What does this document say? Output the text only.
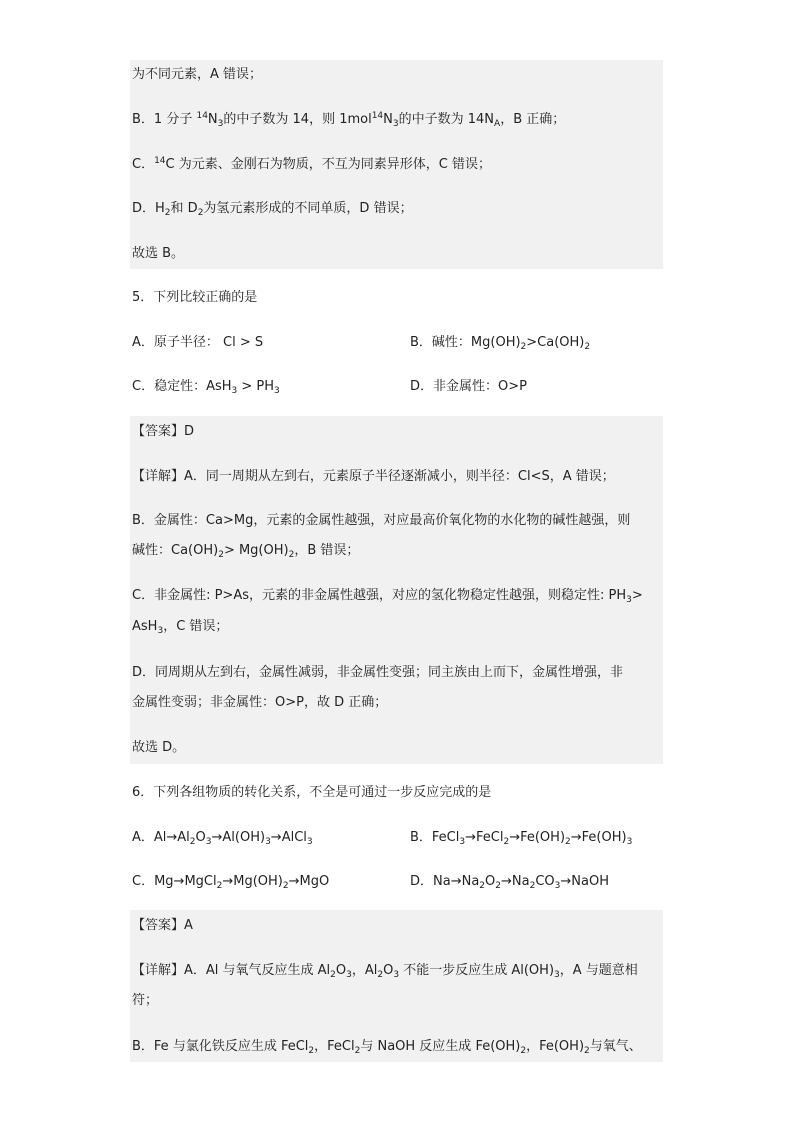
为不同元素，A 错误；
B．1 分子 $^{14}N_3$的中子数为 14，则 $1mol^{14}N_3$的中子数为 $14N_A$，B 正确；
C．$^{14}$C 为元素、金刚石为物质，不互为同素异形体，C 错误；
D．$H_2$和 $D_2$为氢元素形成的不同单质，D 错误；
故选 B。
5．下列比较正确的是
A．原子半径： Cl > S	B．碱性：$Mg(OH)_2>Ca(OH)_2$
C．稳定性：$AsH_3 > PH_3$	D．非金属性：O>P
【答案】D
【详解】A．同一周期从左到右，元素原子半径逐渐减小，则半径：Cl<S，A 错误；
B．金属性：Ca>Mg，元素的金属性越强，对应最高价氧化物的水化物的碱性越强，则
碱性：$Ca(OH)_2> Mg(OH)_2$，B 错误；
C．非金属性: P>As，元素的非金属性越强，对应的氢化物稳定性越强，则稳定性: $PH_3>$
AsH$_3$，C 错误；
D．同周期从左到右，金属性减弱，非金属性变强；同主族由上而下，金属性增强，非
金属性变弱；非金属性：O>P，故 D 正确；
故选 D。
6．下列各组物质的转化关系，不全是可通过一步反应完成的是
A．$Al\to Al_2O_3\to Al(OH)_3\to AlCl_3$	B．$FeCl_3\to FeCl_2\to Fe(OH)_2\to Fe(OH)_3$
C．$Mg\to MgCl_2\to Mg(OH)_2\to MgO$	D．$Na\to Na_2O_2\to Na_2CO_3\to NaOH$
【答案】A
【详解】A．Al 与氧气反应生成 $Al_2O_3$，$Al_2O_3$ 不能一步反应生成 $Al(OH)_3$，A 与题意相
符；
B．Fe 与氯化铁反应生成 FeCl$_2$，FeCl$_2$与 NaOH 反应生成 $Fe(OH)_2$，$Fe(OH)_2$与氧气、
